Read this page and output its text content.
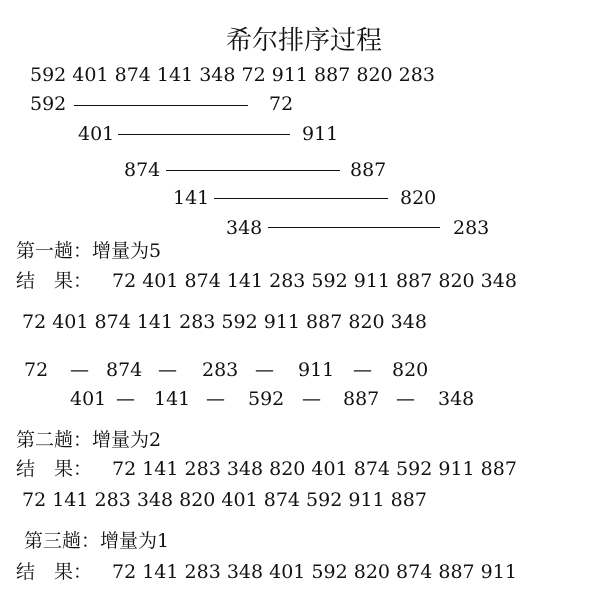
希尔排序过程
592 401 874 141 348 72 911 887 820 283
592	72
401	911
874	887
141	820
348	283
第一趟：增量为5
结　果： 72 401 874 141 283 592 911 887 820 348
72 401 874 141 283 592 911 887 820 348
72 — 874 — 283 — 911 — 820
401 — 141 — 592 — 887 — 348
第二趟：增量为2
结　果： 72 141 283 348 820 401 874 592 911 887
72 141 283 348 820 401 874 592 911 887
第三趟：增量为1
结　果： 72 141 283 348 401 592 820 874 887 911
